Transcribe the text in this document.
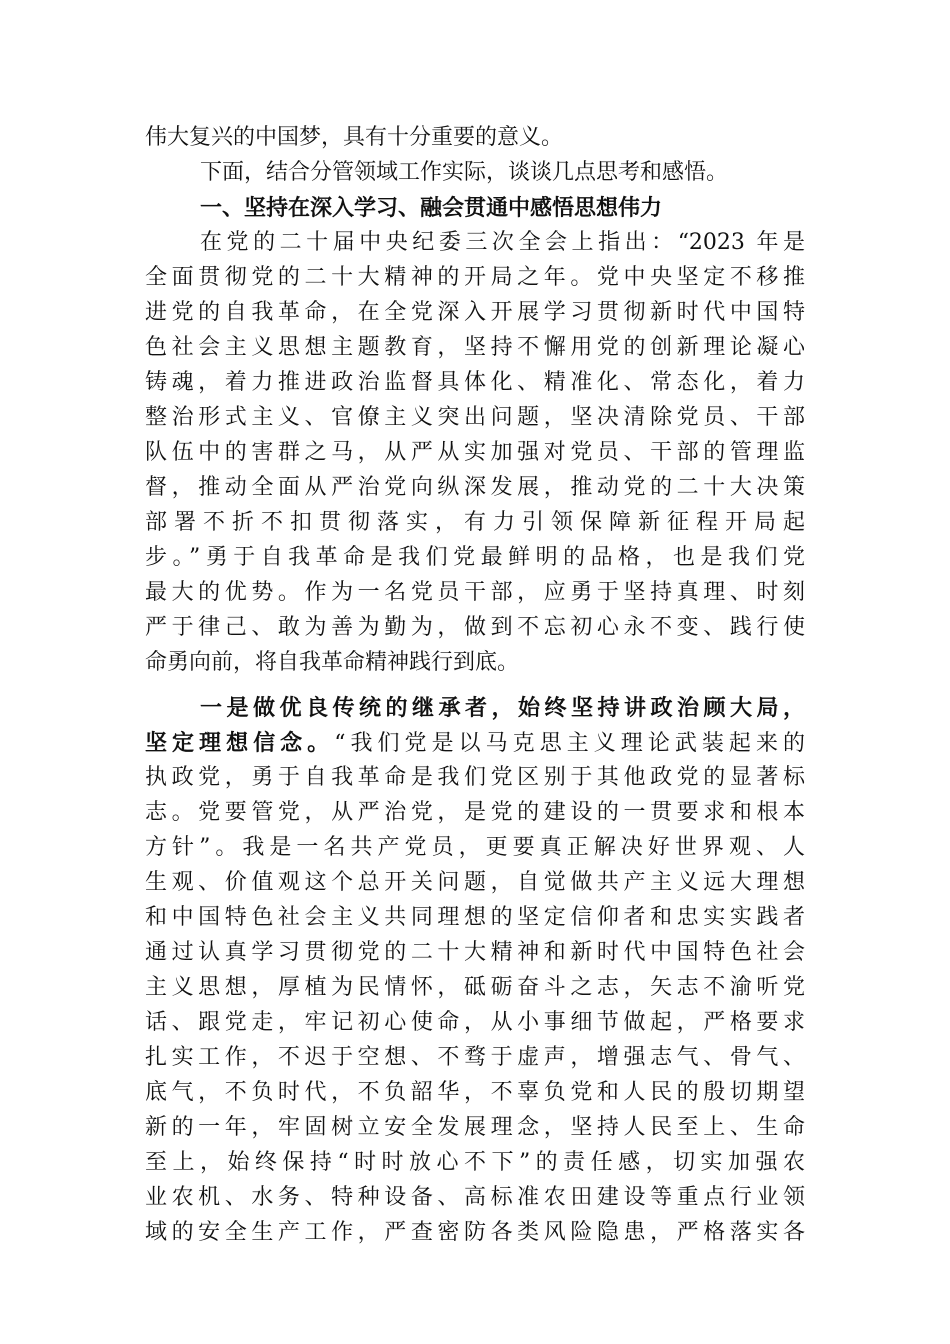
伟大复兴的中国梦，具有十分重要的意义。
下面，结合分管领域工作实际，谈谈几点思考和感悟。
一、坚持在深入学习、融会贯通中感悟思想伟力
在党的二十届中央纪委三次全会上指出：“2023 年是
全面贯彻党的二十大精神的开局之年。党中央坚定不移推
进党的自我革命，在全党深入开展学习贯彻新时代中国特
色社会主义思想主题教育，坚持不懈用党的创新理论凝心
铸魂，着力推进政治监督具体化、精准化、常态化，着力
整治形式主义、官僚主义突出问题，坚决清除党员、干部
队伍中的害群之马，从严从实加强对党员、干部的管理监
督，推动全面从严治党向纵深发展，推动党的二十大决策
部署不折不扣贯彻落实，有力引领保障新征程开局起
步。”勇于自我革命是我们党最鲜明的品格，也是我们党
最大的优势。作为一名党员干部，应勇于坚持真理、时刻
严于律己、敢为善为勤为，做到不忘初心永不变、践行使
命勇向前，将自我革命精神践行到底。
一是做优良传统的继承者，始终坚持讲政治顾大局，
坚定理想信念。“我们党是以马克思主义理论武装起来的
执政党，勇于自我革命是我们党区别于其他政党的显著标
志。党要管党，从严治党，是党的建设的一贯要求和根本
方针”。我是一名共产党员，更要真正解决好世界观、人
生观、价值观这个总开关问题，自觉做共产主义远大理想
和中国特色社会主义共同理想的坚定信仰者和忠实实践者
通过认真学习贯彻党的二十大精神和新时代中国特色社会
主义思想，厚植为民情怀，砥砺奋斗之志，矢志不渝听党
话、跟党走，牢记初心使命，从小事细节做起，严格要求
扎实工作，不迟于空想、不骛于虚声，增强志气、骨气、
底气，不负时代，不负韶华，不辜负党和人民的殷切期望
新的一年，牢固树立安全发展理念，坚持人民至上、生命
至上，始终保持“时时放心不下”的责任感，切实加强农
业农机、水务、特种设备、高标准农田建设等重点行业领
域的安全生产工作，严查密防各类风险隐患，严格落实各
